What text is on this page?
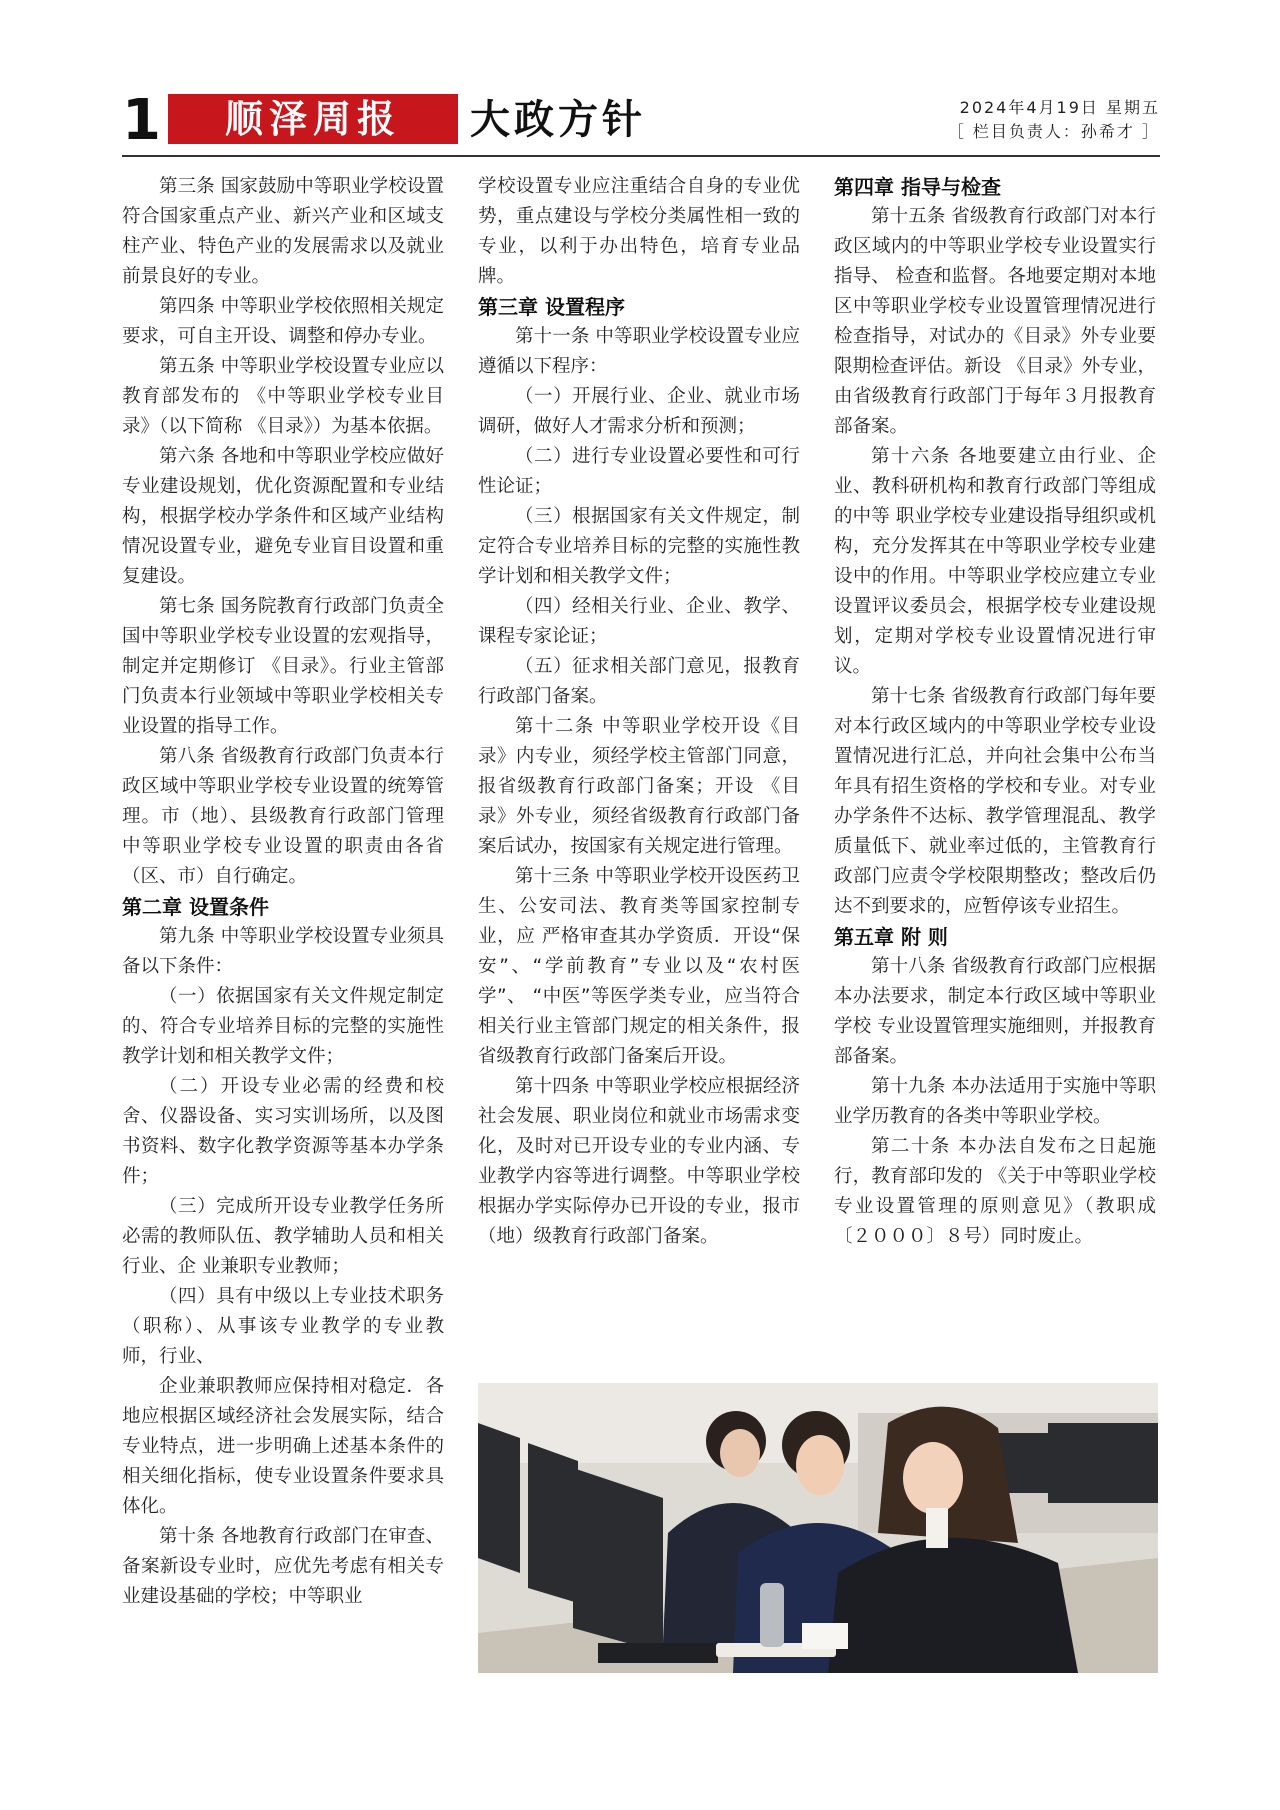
1	顺泽周报	大政方针	2024年4月19日 星期五
［ 栏目负责人：孙希才 ］

第三条 国家鼓励中等职业学校设置符合国家重点产业、新兴产业和区域支柱产业、特色产业的发展需求以及就业前景良好的专业。

第四条 中等职业学校依照相关规定要求，可自主开设、调整和停办专业。

第五条 中等职业学校设置专业应以教育部发布的 《中等职业学校专业目录》（以下简称 《目录》）为基本依据。

第六条 各地和中等职业学校应做好专业建设规划，优化资源配置和专业结构，根据学校办学条件和区域产业结构情况设置专业，避免专业盲目设置和重复建设。

第七条 国务院教育行政部门负责全国中等职业学校专业设置的宏观指导，制定并定期修订 《目录》。行业主管部门负责本行业领域中等职业学校相关专业设置的指导工作。

第八条 省级教育行政部门负责本行政区域中等职业学校专业设置的统筹管理。市（地）、县级教育行政部门管理中等职业学校专业设置的职责由各省（区、市）自行确定。

第二章 设置条件

第九条 中等职业学校设置专业须具备以下条件：

（一）依据国家有关文件规定制定的、符合专业培养目标的完整的实施性教学计划和相关教学文件；

（二）开设专业必需的经费和校舍、仪器设备、实习实训场所，以及图书资料、数字化教学资源等基本办学条件；

（三）完成所开设专业教学任务所必需的教师队伍、教学辅助人员和相关行业、企 业兼职专业教师；

（四）具有中级以上专业技术职务（职称）、从事该专业教学的专业教师，行业、

企业兼职教师应保持相对稳定．各地应根据区域经济社会发展实际，结合专业特点，进一步明确上述基本条件的相关细化指标，使专业设置条件要求具体化。

第十条 各地教育行政部门在审查、备案新设专业时，应优先考虑有相关专业建设基础的学校；中等职业

学校设置专业应注重结合自身的专业优势，重点建设与学校分类属性相一致的专业，以利于办出特色，培育专业品牌。

第三章 设置程序

第十一条 中等职业学校设置专业应遵循以下程序：

（一）开展行业、企业、就业市场调研，做好人才需求分析和预测；

（二）进行专业设置必要性和可行性论证；

（三）根据国家有关文件规定，制定符合专业培养目标的完整的实施性教学计划和相关教学文件；

（四）经相关行业、企业、教学、课程专家论证；

（五）征求相关部门意见，报教育行政部门备案。

第十二条 中等职业学校开设《目录》内专业，须经学校主管部门同意，报省级教育行政部门备案；开设 《目录》外专业，须经省级教育行政部门备案后试办，按国家有关规定进行管理。

第十三条 中等职业学校开设医药卫生、公安司法、教育类等国家控制专业，应 严格审查其办学资质．开设“保安”、“学前教育”专业以及“农村医学”、 “中医”等医学类专业，应当符合相关行业主管部门规定的相关条件，报省级教育行政部门备案后开设。

第十四条 中等职业学校应根据经济社会发展、职业岗位和就业市场需求变化，及时对已开设专业的专业内涵、专业教学内容等进行调整。中等职业学校根据办学实际停办已开设的专业，报市（地）级教育行政部门备案。

第四章 指导与检查

第十五条 省级教育行政部门对本行政区域内的中等职业学校专业设置实行指导、 检查和监督。各地要定期对本地区中等职业学校专业设置管理情况进行检查指导，对试办的《目录》外专业要限期检查评估。新设 《目录》外专业，由省级教育行政部门于每年３月报教育部备案。

第十六条 各地要建立由行业、企业、教科研机构和教育行政部门等组成的中等 职业学校专业建设指导组织或机构，充分发挥其在中等职业学校专业建设中的作用。中等职业学校应建立专业设置评议委员会，根据学校专业建设规划，定期对学校专业设置情况进行审议。

第十七条 省级教育行政部门每年要对本行政区域内的中等职业学校专业设置情况进行汇总，并向社会集中公布当年具有招生资格的学校和专业。对专业办学条件不达标、教学管理混乱、教学质量低下、就业率过低的，主管教育行政部门应责令学校限期整改；整改后仍达不到要求的，应暂停该专业招生。

第五章 附 则

第十八条 省级教育行政部门应根据本办法要求，制定本行政区域中等职业学校 专业设置管理实施细则，并报教育部备案。

第十九条 本办法适用于实施中等职业学历教育的各类中等职业学校。

第二十条 本办法自发布之日起施行，教育部印发的 《关于中等职业学校专业设置管理的原则意见》（教职成〔２０００〕８号）同时废止。
